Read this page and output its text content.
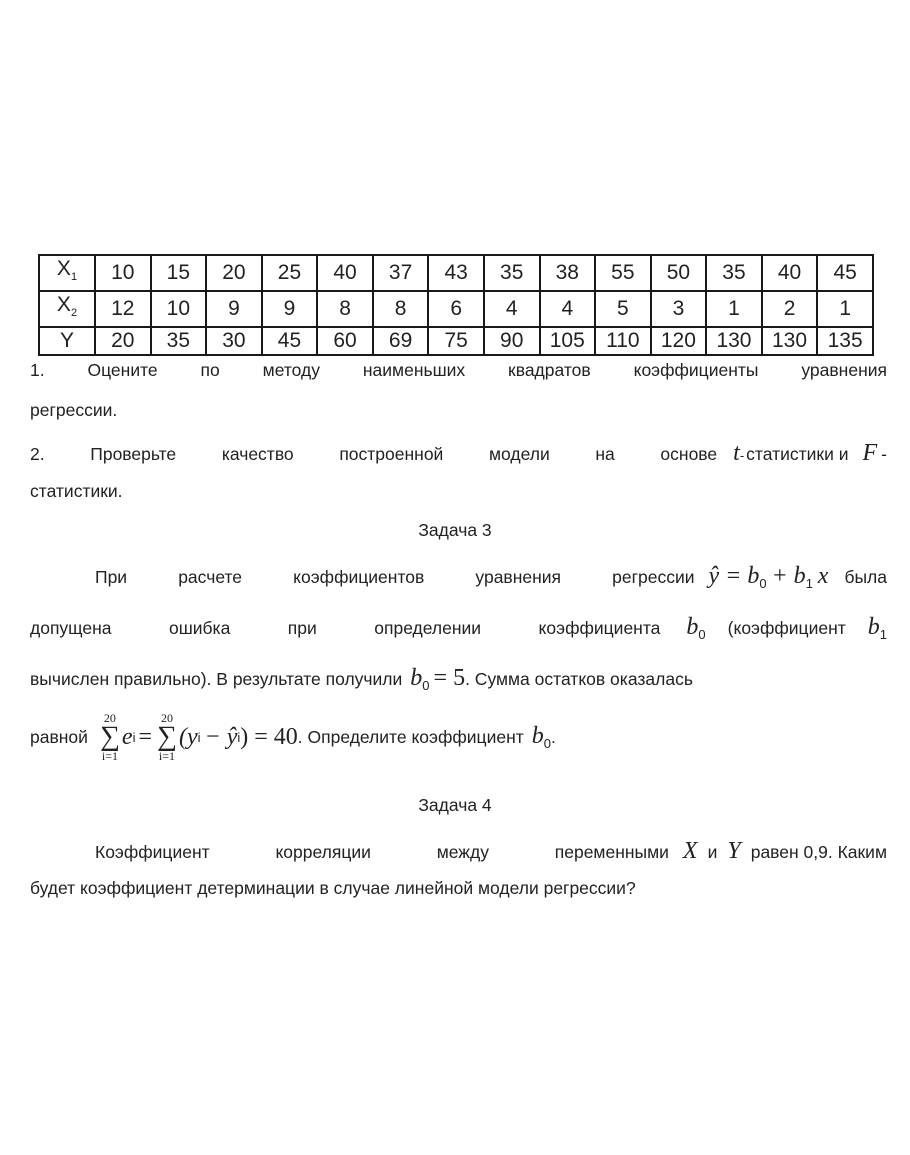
$X_1$	10	15	20	25	40	37	43	35	38	55	50	35	40	45
$X_2$	12	10	9	9	8	8	6	4	4	5	3	1	2	1
Y	20	35	30	45	60	69	75	90	105	110	120	130	130	135
1. Оцените по методу наименьших квадратов коэффициенты уравнения
регрессии.
2. Проверьте качество построенной модели на основе t - статистики и F -
статистики.
Задача 3
При расчете коэффициентов уравнения регрессии ŷ = $b_0 + b_1$ x была
допущена ошибка при определении коэффициента $b_0$ (коэффициент $b_1$
вычислен правильно). В результате получили $b_0 = 5$ . Сумма остатков оказалась
равной
20
∑
i=1
e i =
20
∑
i=1
(y i − ŷ i ) = 40 . Определите коэффициент $b_0$ .
Задача 4
Коэффициент корреляции между переменными X и Y равен 0,9. Каким
будет коэффициент детерминации в случае линейной модели регрессии?
